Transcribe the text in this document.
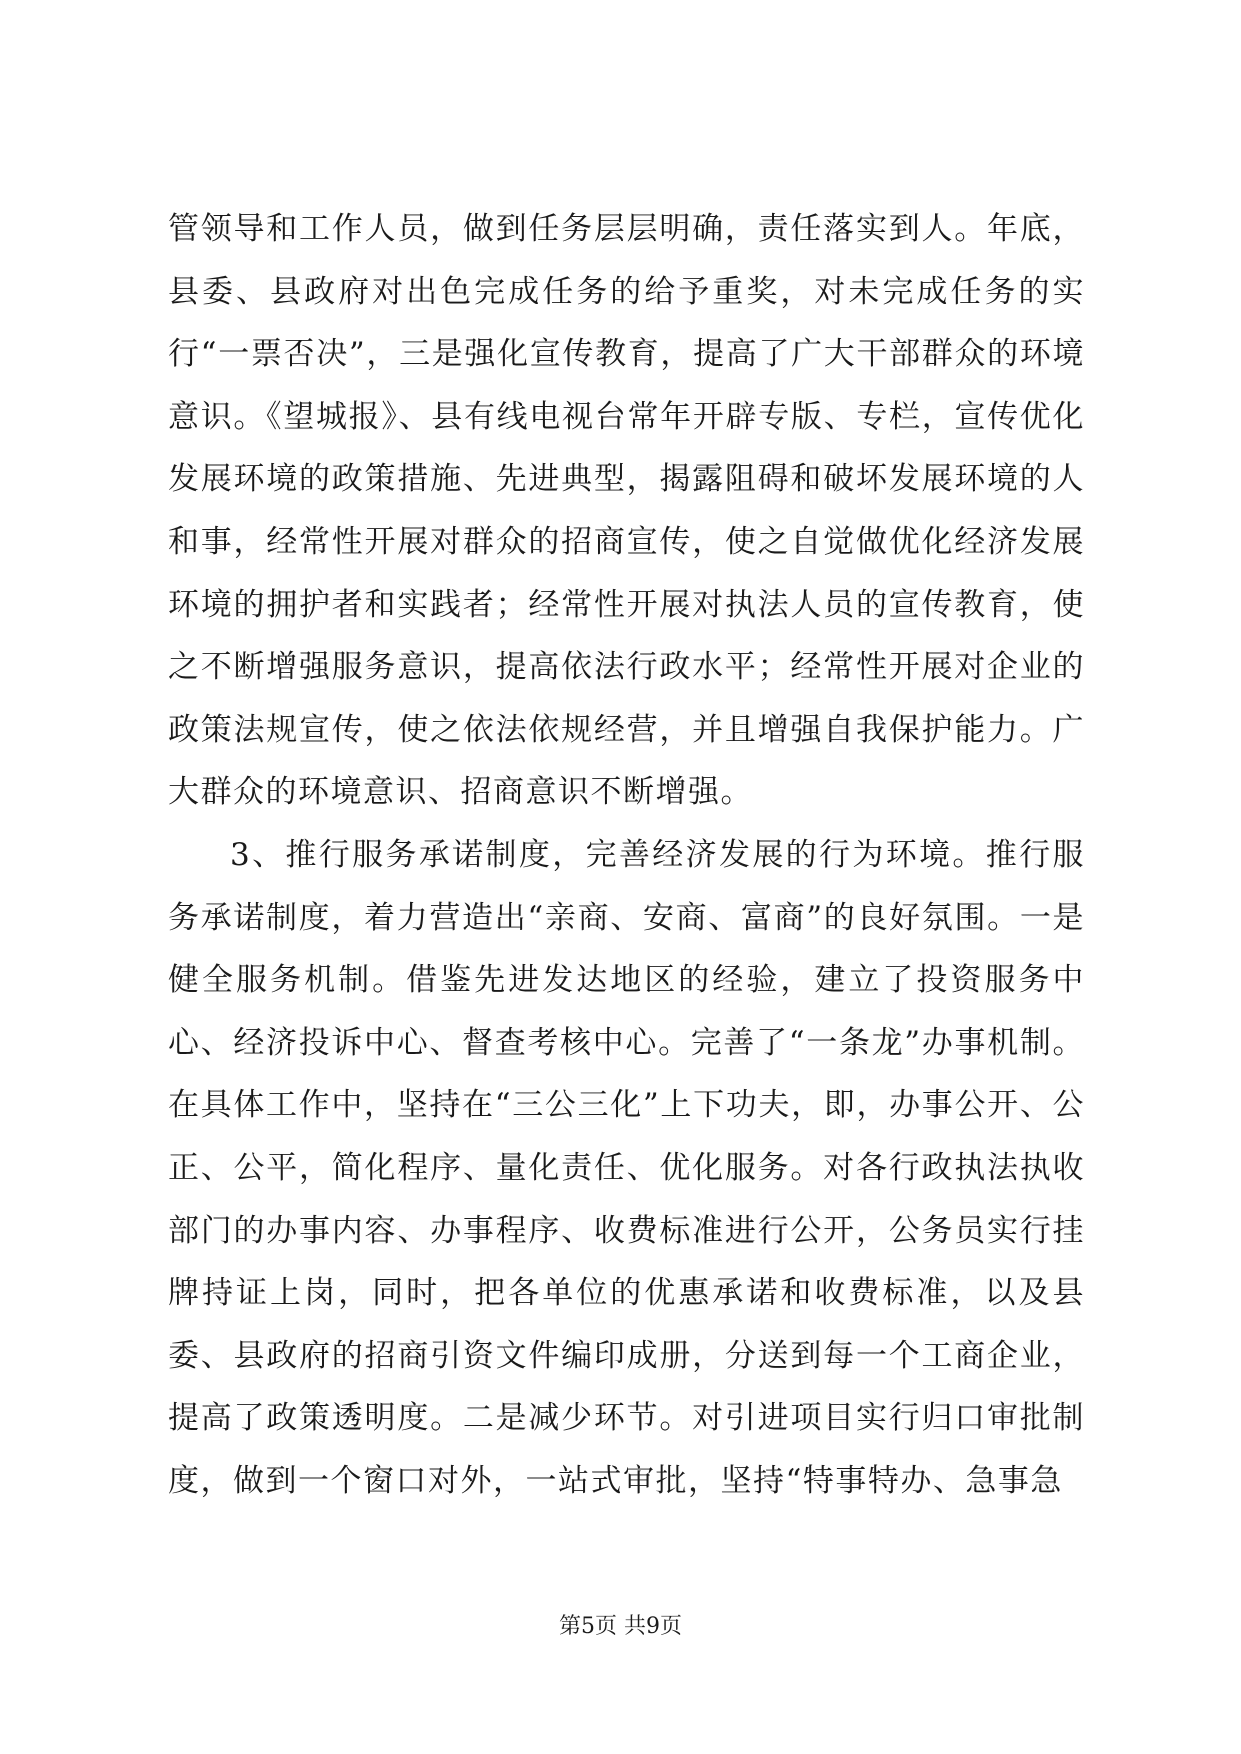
管领导和工作人员，做到任务层层明确，责任落实到人。年底，县委、县政府对出色完成任务的给予重奖，对未完成任务的实行“一票否决”，三是强化宣传教育，提高了广大干部群众的环境意识。《望城报》、县有线电视台常年开辟专版、专栏，宣传优化发展环境的政策措施、先进典型，揭露阻碍和破坏发展环境的人和事，经常性开展对群众的招商宣传，使之自觉做优化经济发展环境的拥护者和实践者；经常性开展对执法人员的宣传教育，使之不断增强服务意识，提高依法行政水平；经常性开展对企业的政策法规宣传，使之依法依规经营，并且增强自我保护能力。广大群众的环境意识、招商意识不断增强。

3、推行服务承诺制度，完善经济发展的行为环境。推行服务承诺制度，着力营造出“亲商、安商、富商”的良好氛围。一是健全服务机制。借鉴先进发达地区的经验，建立了投资服务中心、经济投诉中心、督查考核中心。完善了“一条龙”办事机制。在具体工作中，坚持在“三公三化”上下功夫，即，办事公开、公正、公平，简化程序、量化责任、优化服务。对各行政执法执收部门的办事内容、办事程序、收费标准进行公开，公务员实行挂牌持证上岗，同时，把各单位的优惠承诺和收费标准，以及县委、县政府的招商引资文件编印成册，分送到每一个工商企业，提高了政策透明度。二是减少环节。对引进项目实行归口审批制度，做到一个窗口对外，一站式审批，坚持“特事特办、急事急

第5页 共9页
